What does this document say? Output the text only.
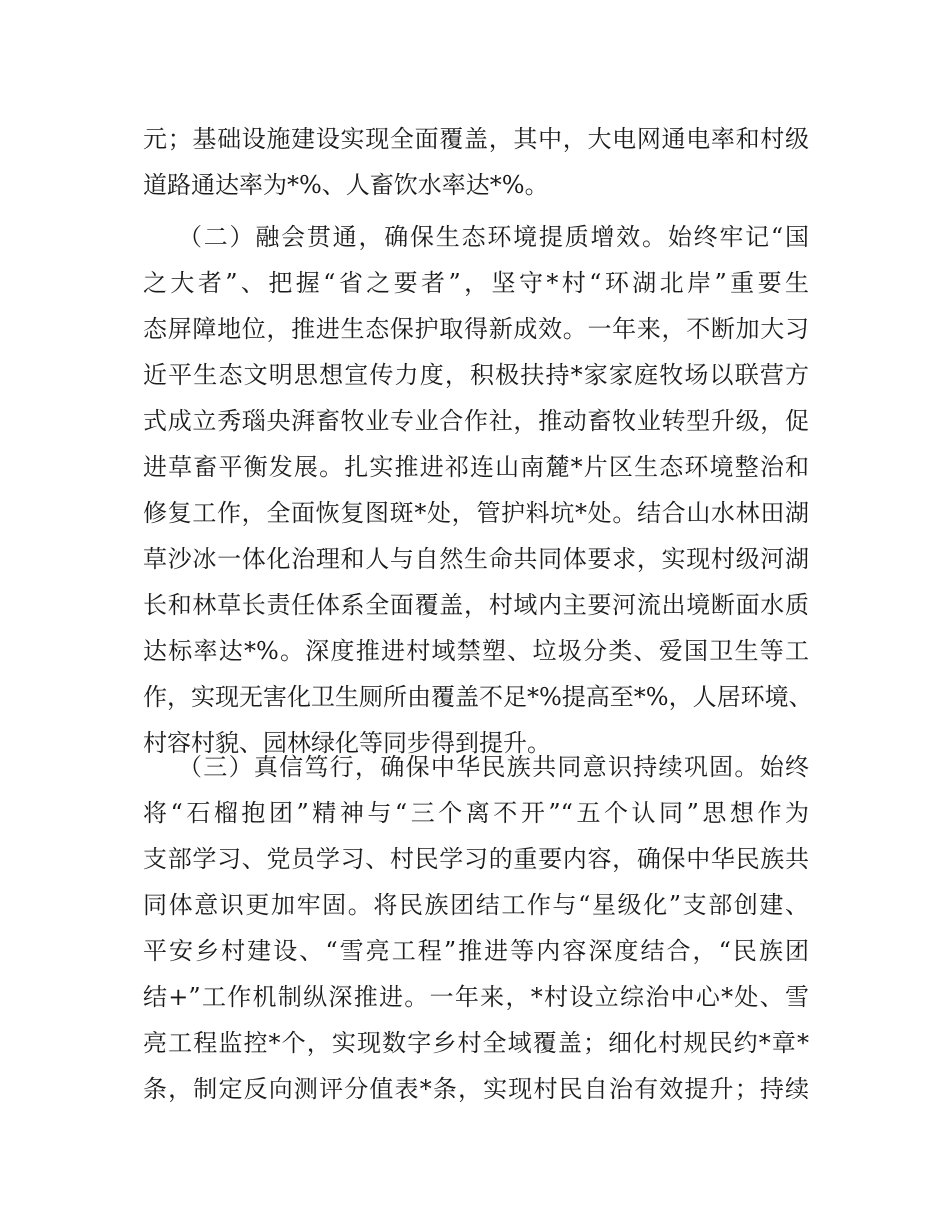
元；基础设施建设实现全面覆盖，其中，大电网通电率和村级
道路通达率为*%、人畜饮水率达*%。
（二）融会贯通，确保生态环境提质增效。始终牢记“国
之大者”、把握“省之要者”，坚守*村“环湖北岸”重要生
态屏障地位，推进生态保护取得新成效。一年来，不断加大习
近平生态文明思想宣传力度，积极扶持*家家庭牧场以联营方
式成立秀瑙央湃畜牧业专业合作社，推动畜牧业转型升级，促
进草畜平衡发展。扎实推进祁连山南麓*片区生态环境整治和
修复工作，全面恢复图斑*处，管护料坑*处。结合山水林田湖
草沙冰一体化治理和人与自然生命共同体要求，实现村级河湖
长和林草长责任体系全面覆盖，村域内主要河流出境断面水质
达标率达*%。深度推进村域禁塑、垃圾分类、爱国卫生等工
作，实现无害化卫生厕所由覆盖不足*%提高至*%，人居环境、
村容村貌、园林绿化等同步得到提升。
（三）真信笃行，确保中华民族共同意识持续巩固。始终
将“石榴抱团”精神与“三个离不开”“五个认同”思想作为
支部学习、党员学习、村民学习的重要内容，确保中华民族共
同体意识更加牢固。将民族团结工作与“星级化”支部创建、
平安乡村建设、“雪亮工程”推进等内容深度结合，“民族团
结+”工作机制纵深推进。一年来，*村设立综治中心*处、雪
亮工程监控*个，实现数字乡村全域覆盖；细化村规民约*章*
条，制定反向测评分值表*条，实现村民自治有效提升；持续
